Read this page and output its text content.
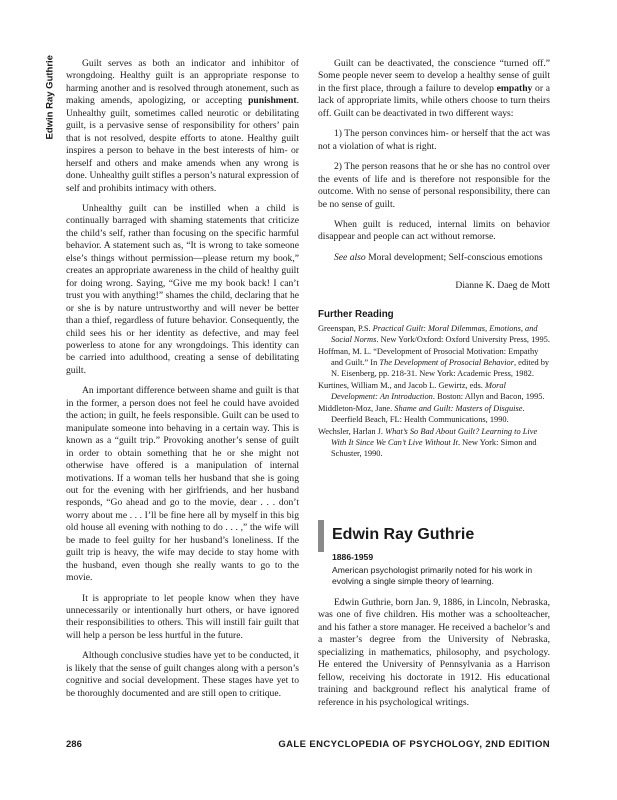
Edwin Ray Guthrie	Guilt serves as both an indicator and inhibitor of wrongdoing. Healthy guilt is an appropriate response to harming another and is resolved through atonement, such as making amends, apologizing, or accepting punishment. Unhealthy guilt, sometimes called neurotic or debilitating guilt, is a pervasive sense of responsibility for others’ pain that is not resolved, despite efforts to atone. Healthy guilt inspires a person to behave in the best interests of him- or herself and others and make amends when any wrong is done. Unhealthy guilt stifles a person’s natural expression of self and prohibits intimacy with others.

Unhealthy guilt can be instilled when a child is continually barraged with shaming statements that criticize the child’s self, rather than focusing on the specific harmful behavior. A statement such as, “It is wrong to take someone else’s things without permission—please return my book,” creates an appropriate awareness in the child of healthy guilt for doing wrong. Saying, “Give me my book back! I can’t trust you with anything!” shames the child, declaring that he or she is by nature untrustworthy and will never be better than a thief, regardless of future behavior. Consequently, the child sees his or her identity as defective, and may feel powerless to atone for any wrongdoings. This identity can be carried into adulthood, creating a sense of debilitating guilt.

An important difference between shame and guilt is that in the former, a person does not feel he could have avoided the action; in guilt, he feels responsible. Guilt can be used to manipulate someone into behaving in a certain way. This is known as a “guilt trip.” Provoking another’s sense of guilt in order to obtain something that he or she might not otherwise have offered is a manipulation of internal motivations. If a woman tells her husband that she is going out for the evening with her girlfriends, and her husband responds, “Go ahead and go to the movie, dear . . . don’t worry about me . . . I’ll be fine here all by myself in this big old house all evening with nothing to do . . . ,” the wife will be made to feel guilty for her husband’s loneliness. If the guilt trip is heavy, the wife may decide to stay home with the husband, even though she really wants to go to the movie.

It is appropriate to let people know when they have unnecessarily or intentionally hurt others, or have ignored their responsibilities to others. This will instill fair guilt that will help a person be less hurtful in the future.

Although conclusive studies have yet to be conducted, it is likely that the sense of guilt changes along with a person’s cognitive and social development. These stages have yet to be thoroughly documented and are still open to critique.

Guilt can be deactivated, the conscience “turned off.” Some people never seem to develop a healthy sense of guilt in the first place, through a failure to develop empathy or a lack of appropriate limits, while others choose to turn theirs off. Guilt can be deactivated in two different ways:

1) The person convinces him- or herself that the act was not a violation of what is right.

2) The person reasons that he or she has no control over the events of life and is therefore not responsible for the outcome. With no sense of personal responsibility, there can be no sense of guilt.

When guilt is reduced, internal limits on behavior disappear and people can act without remorse.

See also Moral development; Self-conscious emotions

Dianne K. Daeg de Mott

Further Reading
Greenspan, P.S. Practical Guilt: Moral Dilemmas, Emotions, and Social Norms. New York/Oxford: Oxford University Press, 1995.
Hoffman, M. L. “Development of Prosocial Motivation: Empathy and Guilt.” In The Development of Prosocial Behavior, edited by N. Eisenberg, pp. 218-31. New York: Academic Press, 1982.
Kurtines, William M., and Jacob L. Gewirtz, eds. Moral Development: An Introduction. Boston: Allyn and Bacon, 1995.
Middleton-Moz, Jane. Shame and Guilt: Masters of Disguise. Deerfield Beach, FL: Health Communications, 1990.
Wechsler, Harlan J. What’s So Bad About Guilt? Learning to Live With It Since We Can’t Live Without It. New York: Simon and Schuster, 1990.
Edwin Ray Guthrie
1886-1959
American psychologist primarily noted for his work in evolving a single simple theory of learning.

Edwin Guthrie, born Jan. 9, 1886, in Lincoln, Nebraska, was one of five children. His mother was a schoolteacher, and his father a store manager. He received a bachelor’s and a master’s degree from the University of Nebraska, specializing in mathematics, philosophy, and psychology. He entered the University of Pennsylvania as a Harrison fellow, receiving his doctorate in 1912. His educational training and background reflect his analytical frame of reference in his psychological writings.

286	GALE ENCYCLOPEDIA OF PSYCHOLOGY, 2ND EDITION
